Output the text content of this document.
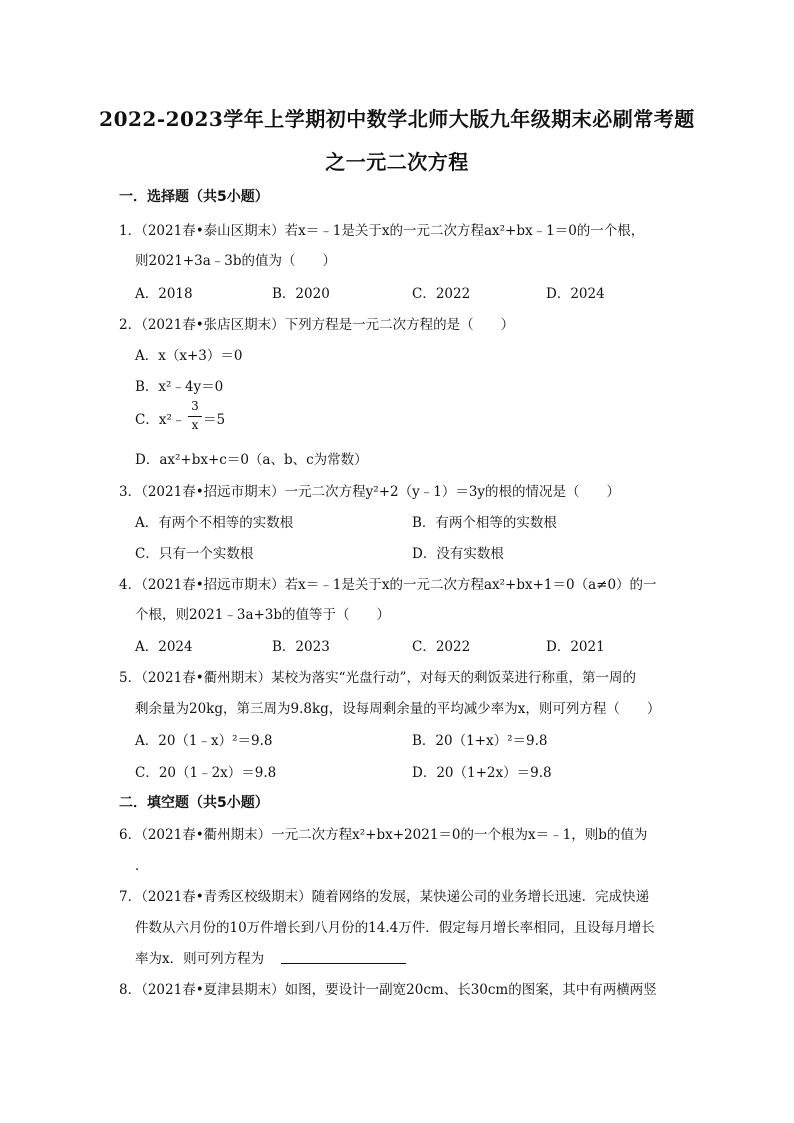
2022-2023学年上学期初中数学北师大版九年级期末必刷常考题
之一元二次方程
一．选择题（共5小题）
1．（2021春•泰山区期末）若x＝﹣1是关于x的一元二次方程ax²+bx﹣1＝0的一个根，
则2021+3a﹣3b的值为（　　）
A．2018	B．2020	C．2022	D．2024
2．（2021春•张店区期末）下列方程是一元二次方程的是（　　）
A．x（x+3）＝0
B．x²﹣4y＝0
C．x²﹣
3
x ＝5
D．ax²+bx+c＝0（a、b、c为常数）
3．（2021春•招远市期末）一元二次方程y²+2（y﹣1）＝3y的根的情况是（　　）
A．有两个不相等的实数根	B．有两个相等的实数根
C．只有一个实数根	D．没有实数根
4．（2021春•招远市期末）若x＝﹣1是关于x的一元二次方程ax²+bx+1＝0（a≠0）的一
个根，则2021﹣3a+3b的值等于（　　）
A．2024	B．2023	C．2022	D．2021
5．（2021春•衢州期末）某校为落实“光盘行动”，对每天的剩饭菜进行称重，第一周的
剩余量为20kg，第三周为9.8kg，设每周剩余量的平均减少率为x，则可列方程（　　）
A．20（1﹣x）²＝9.8	B．20（1+x）²＝9.8
C．20（1﹣2x）＝9.8	D．20（1+2x）＝9.8
二．填空题（共5小题）
6．（2021春•衢州期末）一元二次方程x²+bx+2021＝0的一个根为x＝﹣1，则b的值为
．
7．（2021春•青秀区校级期末）随着网络的发展，某快递公司的业务增长迅速．完成快递
件数从六月份的10万件增长到八月份的14.4万件．假定每月增长率相同，且设每月增长
率为x．则可列方程为
8．（2021春•夏津县期末）如图，要设计一副宽20cm、长30cm的图案，其中有两横两竖
